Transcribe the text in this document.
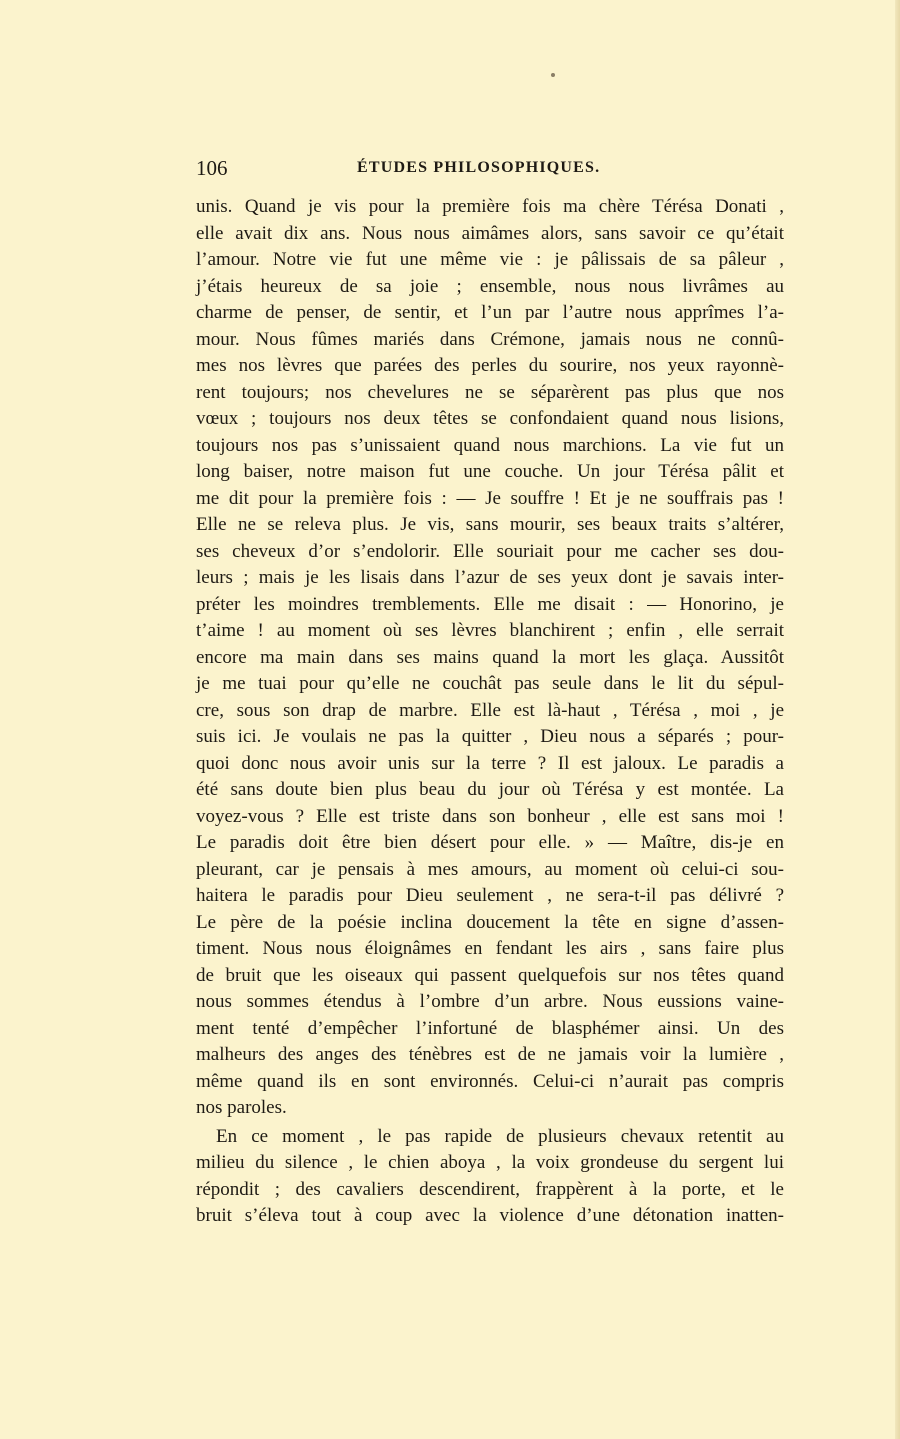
106	ÉTUDES PHILOSOPHIQUES.
unis. Quand je vis pour la première fois ma chère Térésa Donati ,
elle avait dix ans. Nous nous aimâmes alors, sans savoir ce qu’était
l’amour. Notre vie fut une même vie : je pâlissais de sa pâleur ,
j’étais heureux de sa joie ; ensemble, nous nous livrâmes au
charme de penser, de sentir, et l’un par l’autre nous apprîmes l’a-
mour. Nous fûmes mariés dans Crémone, jamais nous ne connû-
mes nos lèvres que parées des perles du sourire, nos yeux rayonnè-
rent toujours; nos chevelures ne se séparèrent pas plus que nos
vœux ; toujours nos deux têtes se confondaient quand nous lisions,
toujours nos pas s’unissaient quand nous marchions. La vie fut un
long baiser, notre maison fut une couche. Un jour Térésa pâlit et
me dit pour la première fois : — Je souffre ! Et je ne souffrais pas !
Elle ne se releva plus. Je vis, sans mourir, ses beaux traits s’altérer,
ses cheveux d’or s’endolorir. Elle souriait pour me cacher ses dou-
leurs ; mais je les lisais dans l’azur de ses yeux dont je savais inter-
préter les moindres tremblements. Elle me disait : — Honorino, je
t’aime ! au moment où ses lèvres blanchirent ; enfin , elle serrait
encore ma main dans ses mains quand la mort les glaça. Aussitôt
je me tuai pour qu’elle ne couchât pas seule dans le lit du sépul-
cre, sous son drap de marbre. Elle est là-haut , Térésa , moi , je
suis ici. Je voulais ne pas la quitter , Dieu nous a séparés ; pour-
quoi donc nous avoir unis sur la terre ? Il est jaloux. Le paradis a
été sans doute bien plus beau du jour où Térésa y est montée. La
voyez-vous ? Elle est triste dans son bonheur , elle est sans moi !
Le paradis doit être bien désert pour elle. » — Maître, dis-je en
pleurant, car je pensais à mes amours, au moment où celui-ci sou-
haitera le paradis pour Dieu seulement , ne sera-t-il pas délivré ?
Le père de la poésie inclina doucement la tête en signe d’assen-
timent. Nous nous éloignâmes en fendant les airs , sans faire plus
de bruit que les oiseaux qui passent quelquefois sur nos têtes quand
nous sommes étendus à l’ombre d’un arbre. Nous eussions vaine-
ment tenté d’empêcher l’infortuné de blasphémer ainsi. Un des
malheurs des anges des ténèbres est de ne jamais voir la lumière ,
même quand ils en sont environnés. Celui-ci n’aurait pas compris
nos paroles.
En ce moment , le pas rapide de plusieurs chevaux retentit au
milieu du silence , le chien aboya , la voix grondeuse du sergent lui
répondit ; des cavaliers descendirent, frappèrent à la porte, et le
bruit s’éleva tout à coup avec la violence d’une détonation inatten-
